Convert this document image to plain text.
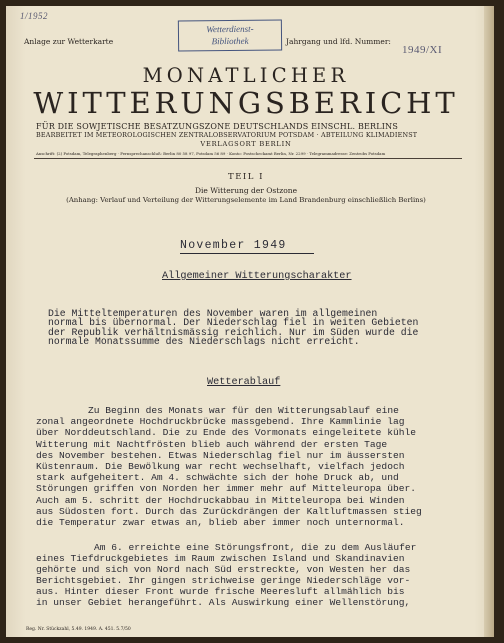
1/1952
Anlage zur Wetterkarte
Wetterdienst-
Bibliothek	Jahrgang und lfd. Nummer:
1949/XI
MONATLICHER
WITTERUNGSBERICHT
FÜR DIE SOWJETISCHE BESATZUNGSZONE DEUTSCHLANDS EINSCHL. BERLINS
BEARBEITET IM METEOROLOGISCHEN ZENTRALOBSERVATORIUM POTSDAM · ABTEILUNG KLIMADIENST
VERLAGSORT BERLIN
Anschrift: (2) Potsdam, Telegraphenberg · Fernsprechanschluß: Berlin 80 58 97, Potsdam 56 89 · Konto: Postscheckamt Berlin, Nr. 2299 · Telegrammadresse: Zentrobs Potsdam
TEIL I
Die Witterung der Ostzone
(Anhang: Verlauf und Verteilung der Witterungselemente im Land Brandenburg einschließlich Berlins)
November 1949
Allgemeiner Witterungscharakter
Die Mitteltemperaturen des November waren im allgemeinen
normal bis übernormal. Der Niederschlag fiel in weiten Gebieten
der Republik verhältnismässig reichlich. Nur im Süden wurde die
normale Monatssumme des Niederschlags nicht erreicht.
Wetterablauf
Zu Beginn des Monats war für den Witterungsablauf eine
zonal angeordnete Hochdruckbrücke massgebend. Ihre Kammlinie lag
über Norddeutschland. Die zu Ende des Vormonats eingeleitete kühle
Witterung mit Nachtfrösten blieb auch während der ersten Tage
des November bestehen. Etwas Niederschlag fiel nur im äussersten
Küstenraum. Die Bewölkung war recht wechselhaft, vielfach jedoch
stark aufgeheitert. Am 4. schwächte sich der hohe Druck ab, und
Störungen griffen von Norden her immer mehr auf Mitteleuropa über.
Auch am 5. schritt der Hochdruckabbau in Mitteleuropa bei Winden
aus Südosten fort. Durch das Zurückdrängen der Kaltluftmassen stieg
die Temperatur zwar etwas an, blieb aber immer noch unternormal.
Am 6. erreichte eine Störungsfront, die zu dem Ausläufer
eines Tiefdruckgebietes im Raum zwischen Island und Skandinavien
gehörte und sich von Nord nach Süd erstreckte, von Westen her das
Berichtsgebiet. Ihr gingen strichweise geringe Niederschläge vor-
aus. Hinter dieser Front wurde frische Meeresluft allmählich bis
in unser Gebiet herangeführt. Als Auswirkung einer Wellenstörung,
Reg. Nr. Stückzahl, 5.49. 1949. A. 451. 5.7/50
